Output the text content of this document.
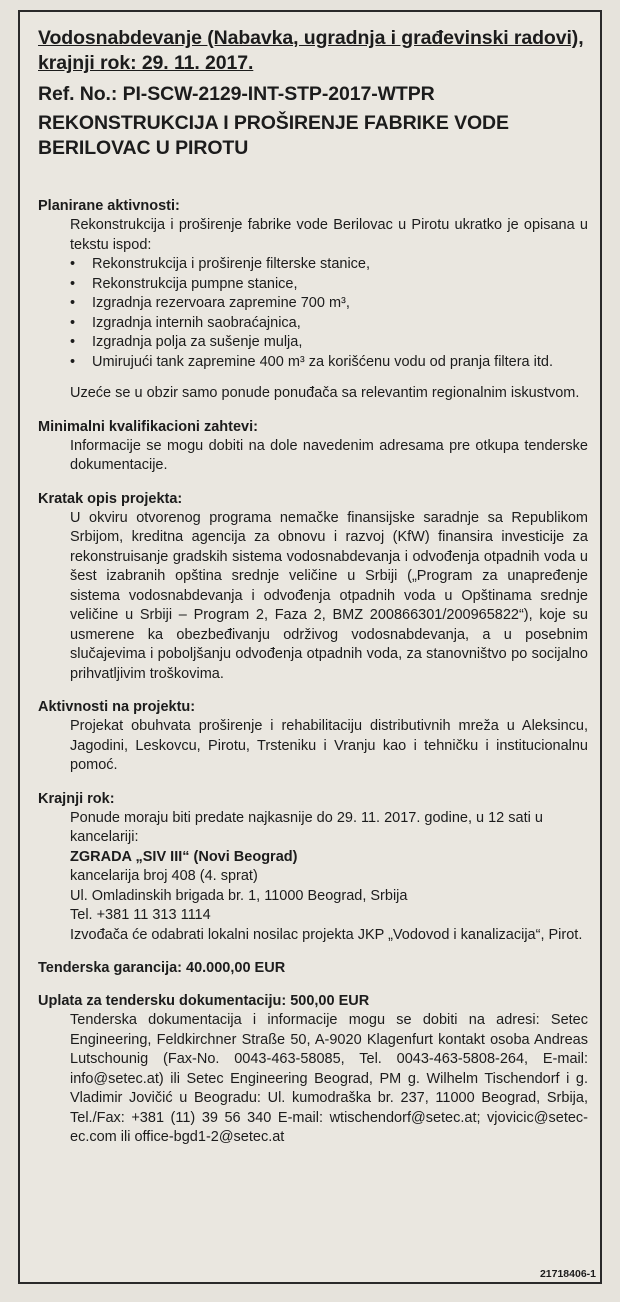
Vodosnabdevanje (Nabavka, ugradnja i građevinski radovi), krajnji rok: 29. 11. 2017.
Ref. No.: PI-SCW-2129-INT-STP-2017-WTPR
REKONSTRUKCIJA I PROŠIRENJE FABRIKE VODE BERILOVAC U PIROTU
Planirane aktivnosti:

Rekonstrukcija i proširenje fabrike vode Berilovac u Pirotu ukratko je opisana u tekstu ispod:

• Rekonstrukcija i proširenje filterske stanice,
• Rekonstrukcija pumpne stanice,
• Izgradnja rezervoara zapremine 700 m³,
• Izgradnja internih saobraćajnica,
• Izgradnja polja za sušenje mulja,
• Umirujući tank zapremine 400 m³ za korišćenu vodu od pranja filtera itd.

Uzeće se u obzir samo ponude ponuđača sa relevantim regionalnim iskustvom.

Minimalni kvalifikacioni zahtevi:

Informacije se mogu dobiti na dole navedenim adresama pre otkupa tenderske dokumentacije.

Kratak opis projekta:

U okviru otvorenog programa nemačke finansijske saradnje sa Republikom Srbijom, kreditna agencija za obnovu i razvoj (KfW) finansira investicije za rekonstruisanje gradskih sistema vodosnabdevanja i odvođenja otpadnih voda u šest izabranih opština srednje veličine u Srbiji („Program za unapređenje sistema vodosnabdevanja i odvođenja otpadnih voda u Opštinama srednje veličine u Srbiji – Program 2, Faza 2, BMZ 200866301/200965822“), koje su usmerene ka obezbeđivanju održivog vodosnabdevanja, a u posebnim slučajevima i poboljšanju odvođenja otpadnih voda, za stanovništvo po socijalno prihvatljivim troškovima.

Aktivnosti na projektu:

Projekat obuhvata proširenje i rehabilitaciju distributivnih mreža u Aleksincu, Jagodini, Leskovcu, Pirotu, Trsteniku i Vranju kao i tehničku i institucionalnu pomoć.

Krajnji rok:

Ponude moraju biti predate najkasnije do 29. 11. 2017. godine, u 12 sati u kancelariji:

ZGRADA „SIV III“ (Novi Beograd)
kancelarija broj 408 (4. sprat)
Ul. Omladinskih brigada br. 1, 11000 Beograd, Srbija
Tel. +381 11 313 1114
Izvođača će odabrati lokalni nosilac projekta JKP „Vodovod i kanalizacija“, Pirot.
Tenderska garancija: 40.000,00 EUR
Uplata za tendersku dokumentaciju: 500,00 EUR

Tenderska dokumentacija i informacije mogu se dobiti na adresi: Setec Engineering, Feldkirchner Straße 50, A-9020 Klagenfurt kontakt osoba Andreas Lutschounig (Fax-No. 0043-463-58085, Tel. 0043-463-5808-264, E-mail: info@setec.at) ili Setec Engineering Beograd, PM g. Wilhelm Tischendorf i g. Vladimir Jovičić u Beogradu: Ul. kumodraška br. 237, 11000 Beograd, Srbija, Tel./Fax: +381 (11) 39 56 340 E-mail: wtischendorf@setec.at; vjovicic@setec-ec.com ili office-bgd1-2@setec.at

21718406-1
